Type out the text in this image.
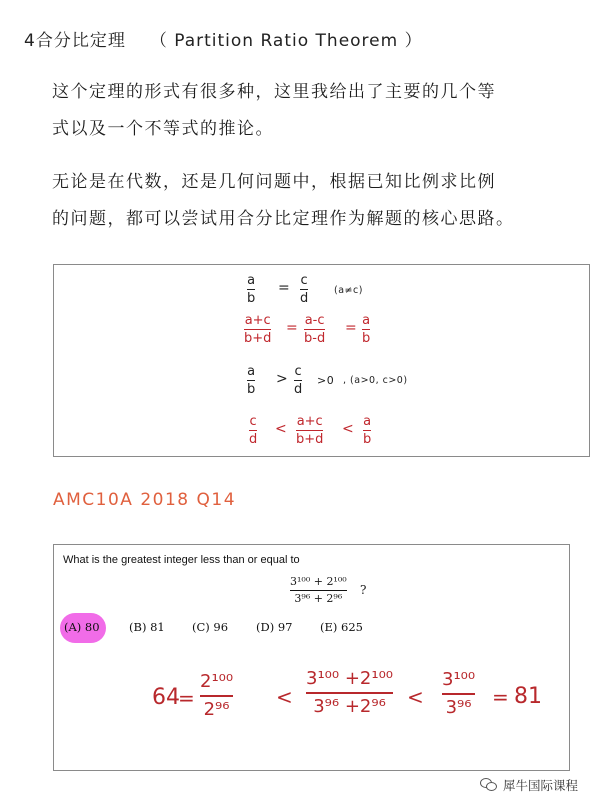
4合分比定理 （ Partition Ratio Theorem ）
这个定理的形式有很多种，这里我给出了主要的几个等
式以及一个不等式的推论。
无论是在代数，还是几何问题中，根据已知比例求比例
的问题，都可以尝试用合分比定理作为解题的核心思路。
a
b
= c
d
(a≠c)
a+c
b+d
= a-c
b-d
= a
b
a
b
> c
d
>0 , (a>0, c>0)
c
d
< a+c
b+d
< a
b
AMC10A 2018 Q14
What is the greatest integer less than or equal to
3¹⁰⁰ + 2¹⁰⁰
3⁹⁶ + 2⁹⁶
?
(A) 80	(B) 81 (C) 96 (D) 97 (E) 625
64
=
2¹⁰⁰
2⁹⁶
<
3¹⁰⁰ +2¹⁰⁰
3⁹⁶ +2⁹⁶ <
3¹⁰⁰
3⁹⁶ = 81
犀牛国际课程
